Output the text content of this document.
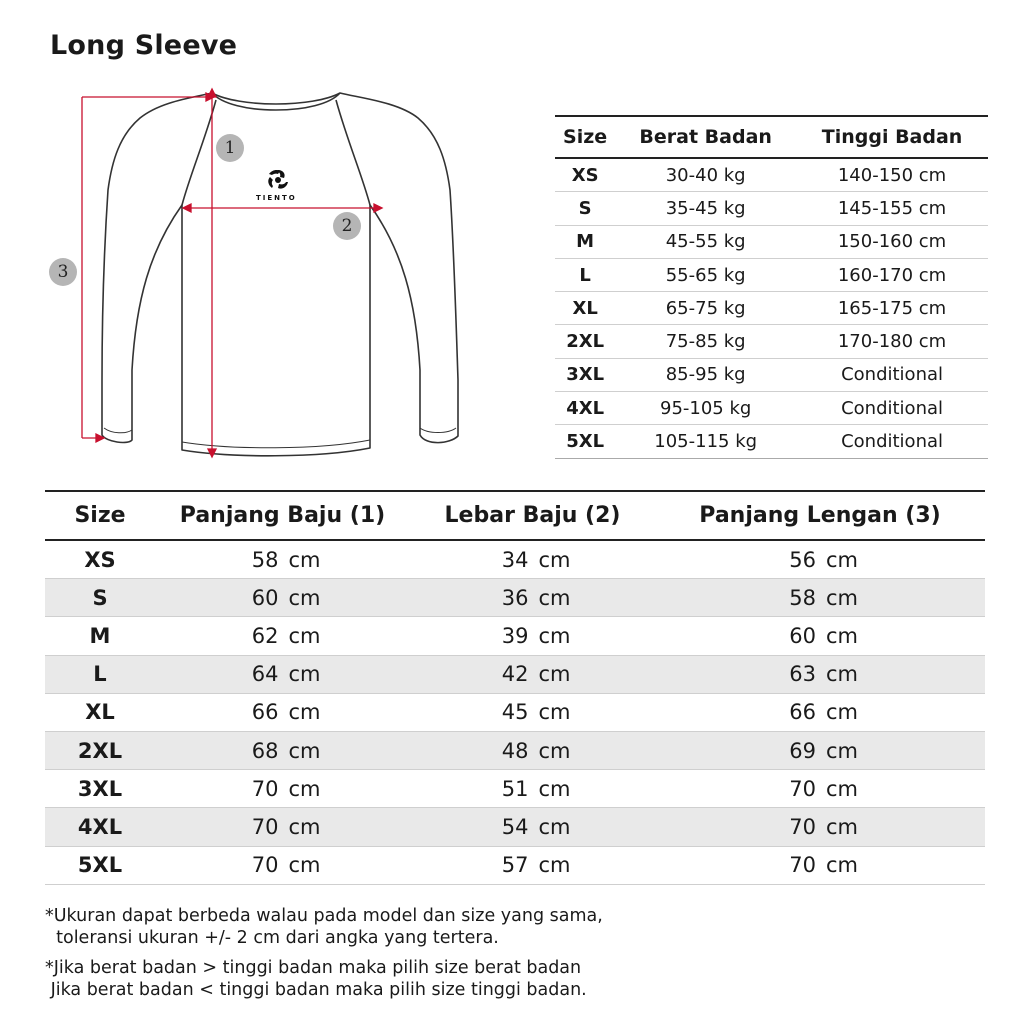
Long Sleeve
TIENTO
1
2
3
Size	Berat Badan	Tinggi Badan
XS	30-40 kg	140-150 cm
S	35-45 kg	145-155 cm
M	45-55 kg	150-160 cm
L	55-65 kg	160-170 cm
XL	65-75 kg	165-175 cm
2XL	75-85 kg	170-180 cm
3XL	85-95 kg	Conditional
4XL	95-105 kg	Conditional
5XL	105-115 kg	Conditional
Size	Panjang Baju (1)	Lebar Baju (2)	Panjang Lengan (3)
XS	58 cm	34 cm	56 cm
S	60 cm	36 cm	58 cm
M	62 cm	39 cm	60 cm
L	64 cm	42 cm	63 cm
XL	66 cm	45 cm	66 cm
2XL	68 cm	48 cm	69 cm
3XL	70 cm	51 cm	70 cm
4XL	70 cm	54 cm	70 cm
5XL	70 cm	57 cm	70 cm

*Ukuran dapat berbeda walau pada model dan size yang sama,
toleransi ukuran +/- 2 cm dari angka yang tertera.

*Jika berat badan > tinggi badan maka pilih size berat badan
Jika berat badan < tinggi badan maka pilih size tinggi badan.
